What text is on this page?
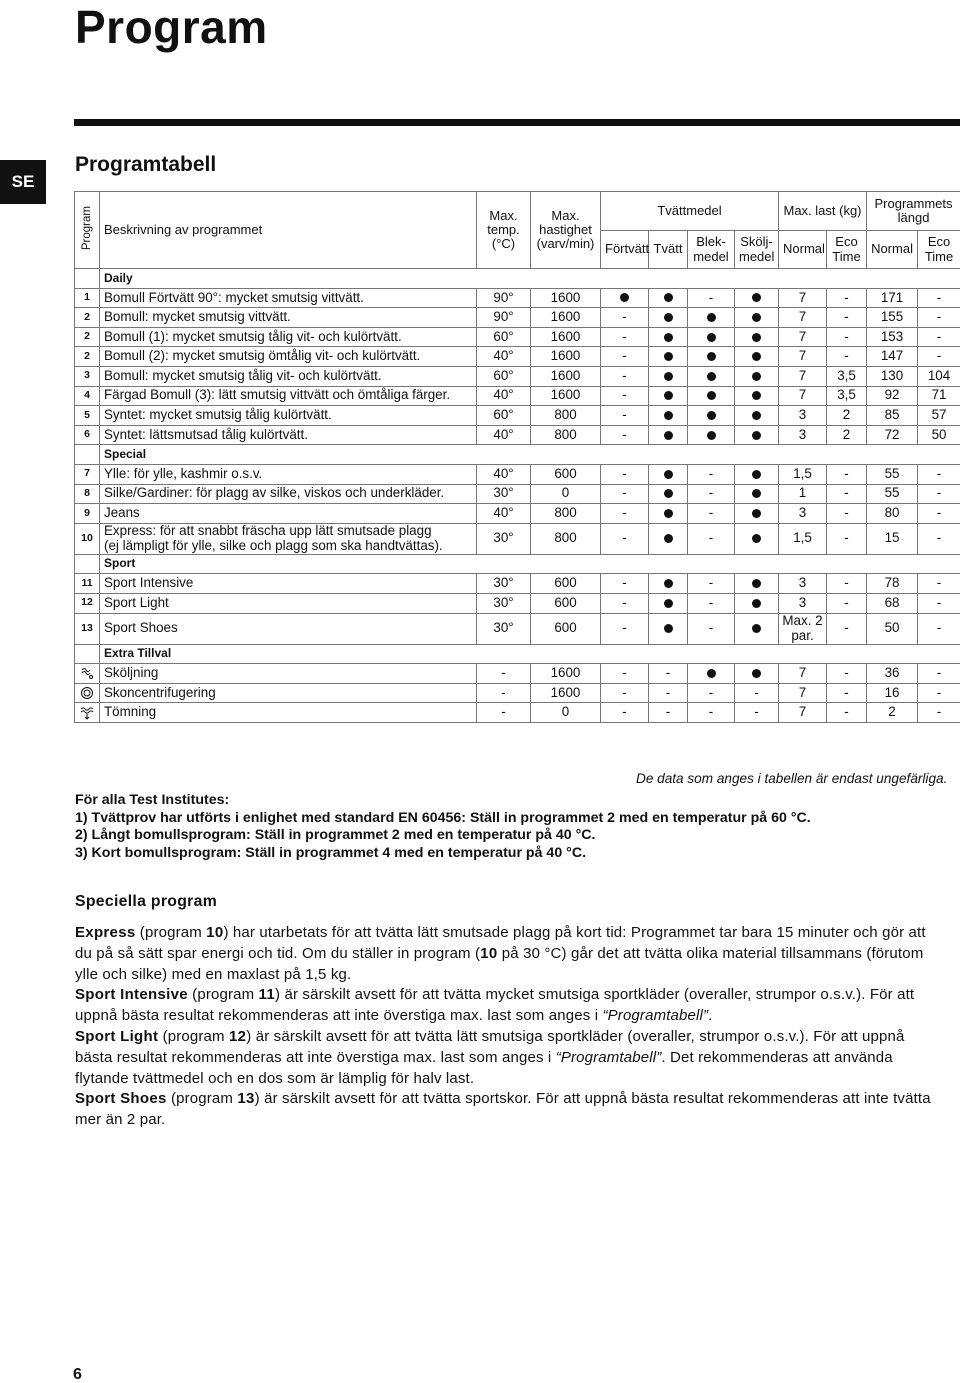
Program
SE
Programtabell
Program	Beskrivning av programmet	Max. temp. (°C)	Max. hastighet (varv/min)	Tvättmedel				Max. last (kg)		Programmets längd	
				Förtvätt	Tvätt	Blek-medel	Skölj-medel	Normal	Eco Time	Normal	Eco Time
	Daily										
1	Bomull Förtvätt 90°: mycket smutsig vittvätt.	90°	1600			-		7	-	171	-
2	Bomull: mycket smutsig vittvätt.	90°	1600	-				7	-	155	-
2	Bomull (1): mycket smutsig tålig vit- och kulörtvätt.	60°	1600	-				7	-	153	-
2	Bomull (2): mycket smutsig ömtålig vit- och kulörtvätt.	40°	1600	-				7	-	147	-
3	Bomull: mycket smutsig tålig vit- och kulörtvätt.	60°	1600	-				7	3,5	130	104
4	Färgad Bomull (3): lätt smutsig vittvätt och ömtåliga färger.	40°	1600	-				7	3,5	92	71
5	Syntet: mycket smutsig tålig kulörtvätt.	60°	800	-				3	2	85	57
6	Syntet: lättsmutsad tålig kulörtvätt.	40°	800	-				3	2	72	50
	Special										
7	Ylle: för ylle, kashmir o.s.v.	40°	600	-		-		1,5	-	55	-
8	Silke/Gardiner: för plagg av silke, viskos och underkläder.	30°	0	-		-		1	-	55	-
9	Jeans	40°	800	-		-		3	-	80	-
10	Express: för att snabbt fräscha upp lätt smutsade plagg
(ej lämpligt för ylle, silke och plagg som ska handtvättas).	30°	800	-		-		1,5	-	15	-
	Sport										
11	Sport Intensive	30°	600	-		-		3	-	78	-
12	Sport Light	30°	600	-		-		3	-	68	-
13	Sport Shoes	30°	600	-		-		Max. 2 par.	-	50	-
	Extra Tillval										
	Sköljning	-	1600	-	-			7	-	36	-
	Skoncentrifugering	-	1600	-	-	-	-	7	-	16	-
	Tömning	-	0	-	-	-	-	7	-	2	-
De data som anges i tabellen är endast ungefärliga.
För alla Test Institutes:
1) Tvättprov har utförts i enlighet med standard EN 60456: Ställ in programmet 2 med en temperatur på 60 °C.
2) Långt bomullsprogram: Ställ in programmet 2 med en temperatur på 40 °C.
3) Kort bomullsprogram: Ställ in programmet 4 med en temperatur på 40 °C.
Speciella program
Express (program 10) har utarbetats för att tvätta lätt smutsade plagg på kort tid: Programmet tar bara 15 minuter och gör att du på så sätt spar energi och tid. Om du ställer in program (10 på 30 °C) går det att tvätta olika material tillsammans (förutom ylle och silke) med en maxlast på 1,5 kg.
Sport Intensive (program 11) är särskilt avsett för att tvätta mycket smutsiga sportkläder (overaller, strumpor o.s.v.). För att uppnå bästa resultat rekommenderas att inte överstiga max. last som anges i “Programtabell”.
Sport Light (program 12) är särskilt avsett för att tvätta lätt smutsiga sportkläder (overaller, strumpor o.s.v.). För att uppnå bästa resultat rekommenderas att inte överstiga max. last som anges i “Programtabell”. Det rekommenderas att använda flytande tvättmedel och en dos som är lämplig för halv last.
Sport Shoes (program 13) är särskilt avsett för att tvätta sportskor. För att uppnå bästa resultat rekommenderas att inte tvätta mer än 2 par.
6
